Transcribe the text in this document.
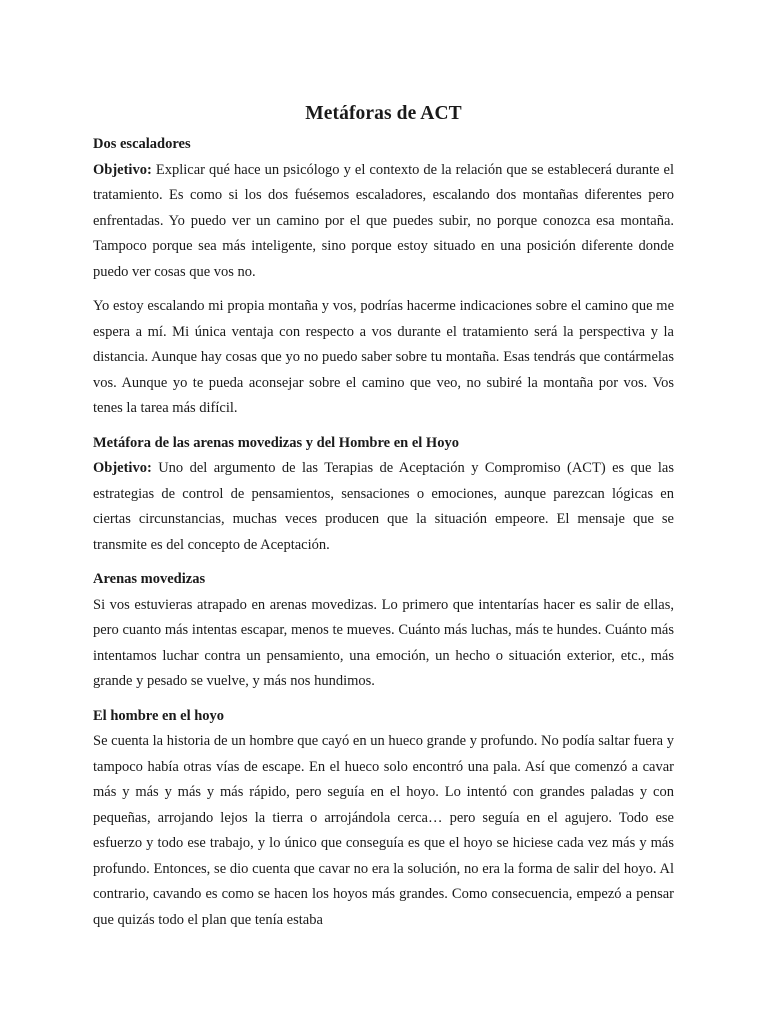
Metáforas de ACT
Dos escaladores

Objetivo: Explicar qué hace un psicólogo y el contexto de la relación que se establecerá durante el tratamiento. Es como si los dos fuésemos escaladores, escalando dos montañas diferentes pero enfrentadas. Yo puedo ver un camino por el que puedes subir, no porque conozca esa montaña. Tampoco porque sea más inteligente, sino porque estoy situado en una posición diferente donde puedo ver cosas que vos no.

Yo estoy escalando mi propia montaña y vos, podrías hacerme indicaciones sobre el camino que me espera a mí. Mi única ventaja con respecto a vos durante el tratamiento será la perspectiva y la distancia. Aunque hay cosas que yo no puedo saber sobre tu montaña. Esas tendrás que contármelas vos. Aunque yo te pueda aconsejar sobre el camino que veo, no subiré la montaña por vos. Vos tenes la tarea más difícil.

Metáfora de las arenas movedizas y del Hombre en el Hoyo

Objetivo: Uno del argumento de las Terapias de Aceptación y Compromiso (ACT) es que las estrategias de control de pensamientos, sensaciones o emociones, aunque parezcan lógicas en ciertas circunstancias, muchas veces producen que la situación empeore. El mensaje que se transmite es del concepto de Aceptación.

Arenas movedizas

Si vos estuvieras atrapado en arenas movedizas. Lo primero que intentarías hacer es salir de ellas, pero cuanto más intentas escapar, menos te mueves. Cuánto más luchas, más te hundes. Cuánto más intentamos luchar contra un pensamiento, una emoción, un hecho o situación exterior, etc., más grande y pesado se vuelve, y más nos hundimos.

El hombre en el hoyo

Se cuenta la historia de un hombre que cayó en un hueco grande y profundo. No podía saltar fuera y tampoco había otras vías de escape. En el hueco solo encontró una pala. Así que comenzó a cavar más y más y más y más rápido, pero seguía en el hoyo. Lo intentó con grandes paladas y con pequeñas, arrojando lejos la tierra o arrojándola cerca… pero seguía en el agujero. Todo ese esfuerzo y todo ese trabajo, y lo único que conseguía es que el hoyo se hiciese cada vez más y más profundo. Entonces, se dio cuenta que cavar no era la solución, no era la forma de salir del hoyo. Al contrario, cavando es como se hacen los hoyos más grandes. Como consecuencia, empezó a pensar que quizás todo el plan que tenía estaba
